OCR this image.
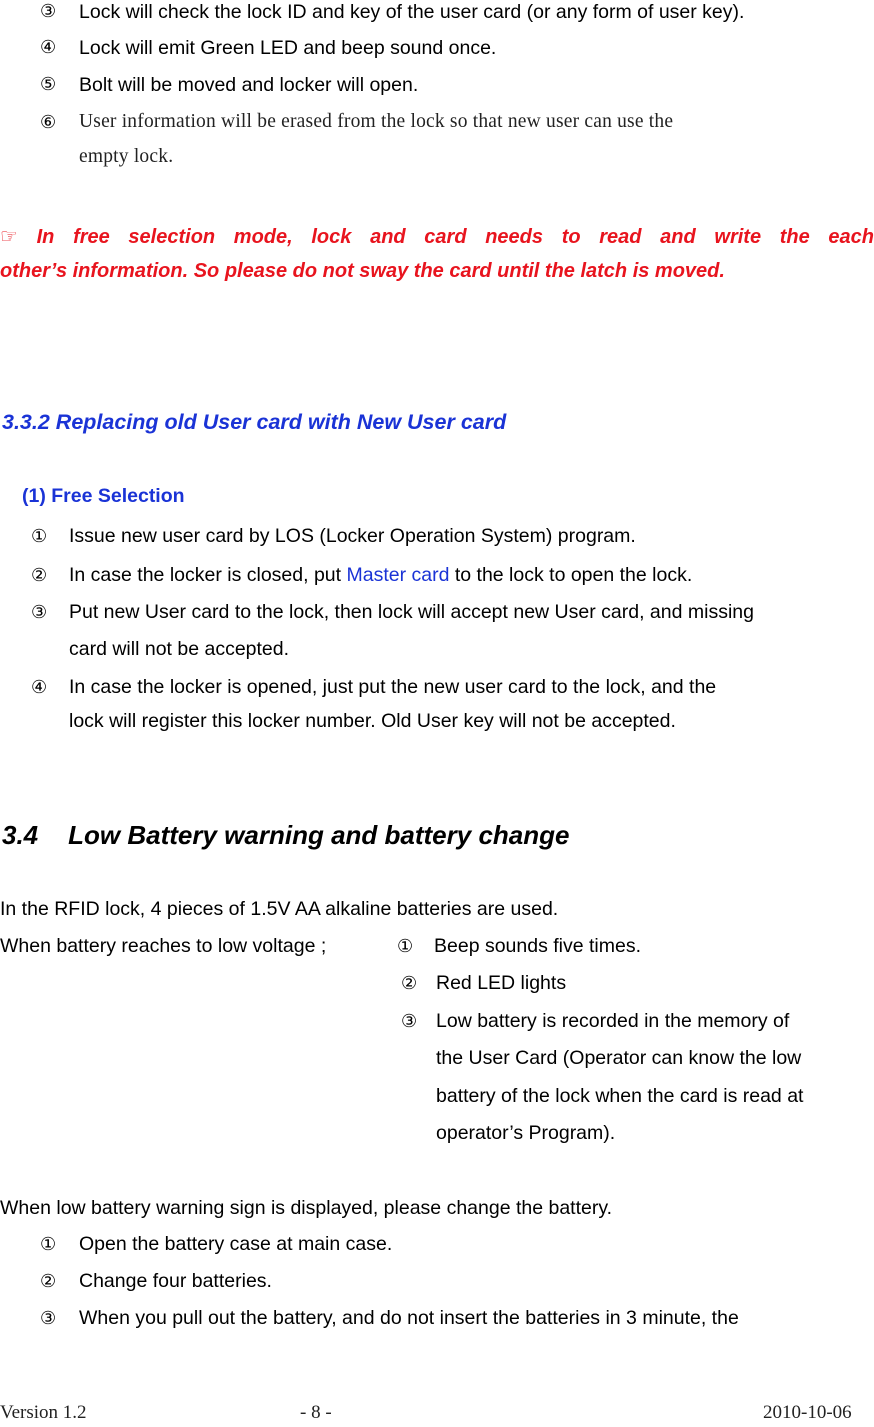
③ Lock will check the lock ID and key of the user card (or any form of user key).
④ Lock will emit Green LED and beep sound once.
⑤ Bolt will be moved and locker will open.
⑥ User information will be erased from the lock so that new user can use the
empty lock.
☞ In free selection mode, lock and card needs to read and write the each
other’s information. So please do not sway the card until the latch is moved.
3.3.2 Replacing old User card with New User card
(1) Free Selection
① Issue new user card by LOS (Locker Operation System) program.
② In case the locker is closed, put Master card to the lock to open the lock.
③ Put new User card to the lock, then lock will accept new User card, and missing
card will not be accepted.
④ In case the locker is opened, just put the new user card to the lock, and the
lock will register this locker number. Old User key will not be accepted.
3.4 Low Battery warning and battery change
In the RFID lock, 4 pieces of 1.5V AA alkaline batteries are used.
When battery reaches to low voltage ;	① Beep sounds five times.
② Red LED lights
③ Low battery is recorded in the memory of
the User Card (Operator can know the low
battery of the lock when the card is read at
operator’s Program).
When low battery warning sign is displayed, please change the battery.
① Open the battery case at main case.
② Change four batteries.
③ When you pull out the battery, and do not insert the batteries in 3 minute, the
Version 1.2	- 8 -	2010-10-06
